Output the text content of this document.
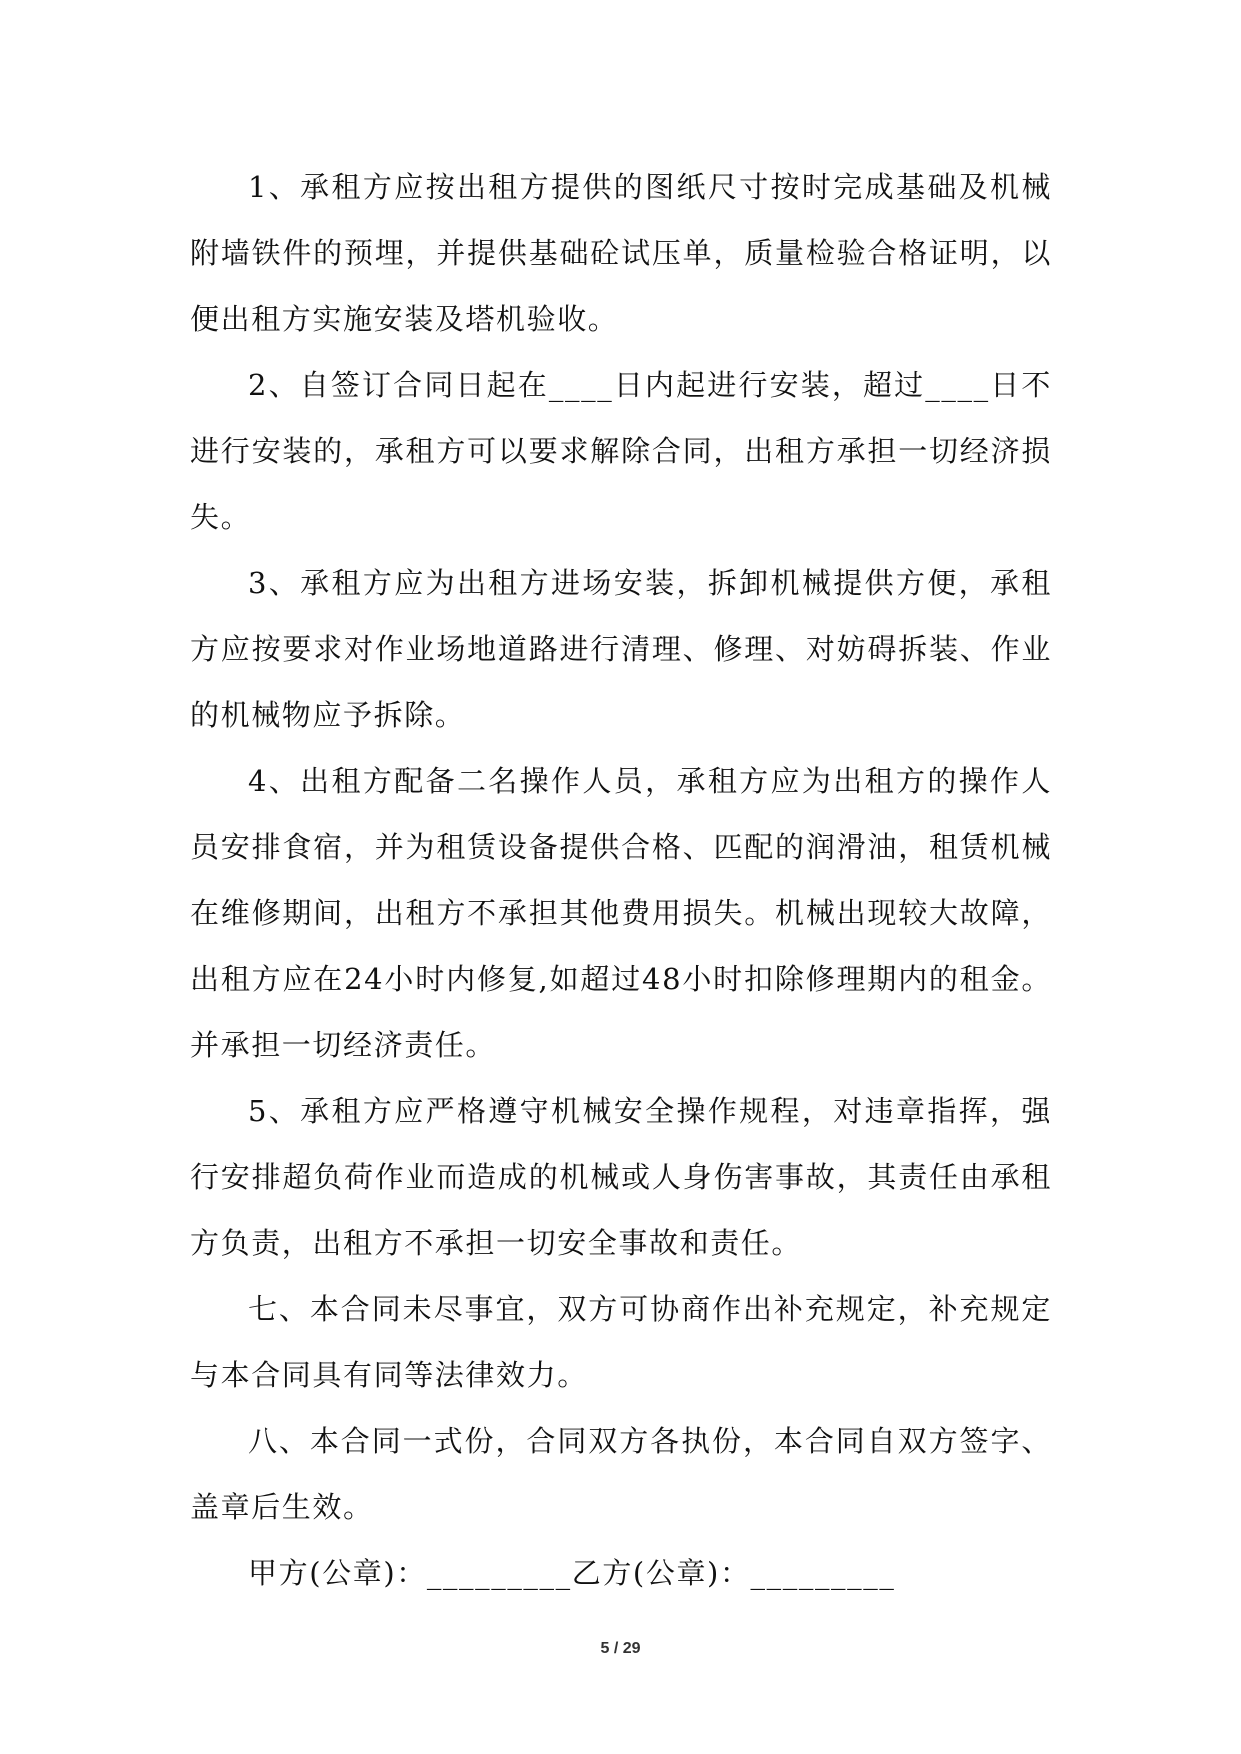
1、承租方应按出租方提供的图纸尺寸按时完成基础及机械附墙铁件的预埋，并提供基础砼试压单，质量检验合格证明，以便出租方实施安装及塔机验收。

2、自签订合同日起在____日内起进行安装，超过____日不进行安装的，承租方可以要求解除合同，出租方承担一切经济损失。

3、承租方应为出租方进场安装，拆卸机械提供方便，承租方应按要求对作业场地道路进行清理、修理、对妨碍拆装、作业的机械物应予拆除。

4、出租方配备二名操作人员，承租方应为出租方的操作人员安排食宿，并为租赁设备提供合格、匹配的润滑油，租赁机械在维修期间，出租方不承担其他费用损失。机械出现较大故障，出租方应在24小时内修复,如超过48小时扣除修理期内的租金。并承担一切经济责任。

5、承租方应严格遵守机械安全操作规程，对违章指挥，强行安排超负荷作业而造成的机械或人身伤害事故，其责任由承租方负责，出租方不承担一切安全事故和责任。

七、本合同未尽事宜，双方可协商作出补充规定，补充规定与本合同具有同等法律效力。

八、本合同一式份，合同双方各执份，本合同自双方签字、盖章后生效。

甲方(公章)：_________乙方(公章)：_________

5 / 29
